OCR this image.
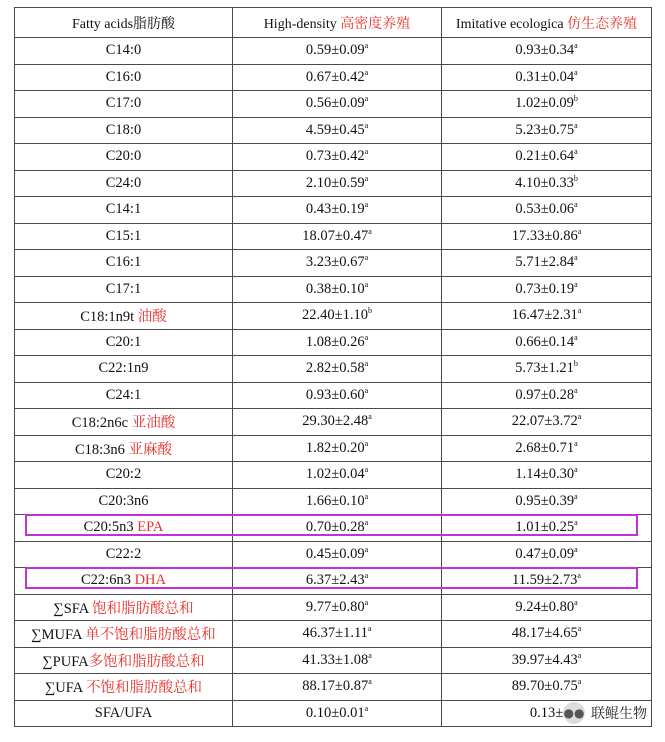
Fatty acids脂肪酸	High-density 高密度养殖	Imitative ecologica 仿生态养殖
C14:0	0.59±0.09$^a$	0.93±0.34$^a$
C16:0	0.67±0.42$^a$	0.31±0.04$^a$
C17:0	0.56±0.09$^a$	1.02±0.09$^b$
C18:0	4.59±0.45$^a$	5.23±0.75$^a$
C20:0	0.73±0.42$^a$	0.21±0.64$^a$
C24:0	2.10±0.59$^a$	4.10±0.33$^b$
C14:1	0.43±0.19$^a$	0.53±0.06$^a$
C15:1	18.07±0.47$^a$	17.33±0.86$^a$
C16:1	3.23±0.67$^a$	5.71±2.84$^a$
C17:1	0.38±0.10$^a$	0.73±0.19$^a$
C18:1n9t 油酸	22.40±1.10$^b$	16.47±2.31$^a$
C20:1	1.08±0.26$^a$	0.66±0.14$^a$
C22:1n9	2.82±0.58$^a$	5.73±1.21$^b$
C24:1	0.93±0.60$^a$	0.97±0.28$^a$
C18:2n6c 亚油酸	29.30±2.48$^a$	22.07±3.72$^a$
C18:3n6 亚麻酸	1.82±0.20$^a$	2.68±0.71$^a$
C20:2	1.02±0.04$^a$	1.14±0.30$^a$
C20:3n6	1.66±0.10$^a$	0.95±0.39$^a$
C20:5n3 EPA	0.70±0.28$^a$	1.01±0.25$^a$
C22:2	0.45±0.09$^a$	0.47±0.09$^a$
C22:6n3 DHA	6.37±2.43$^a$	11.59±2.73$^a$
∑SFA 饱和脂肪酸总和	9.77±0.80$^a$	9.24±0.80$^a$
∑MUFA 单不饱和脂肪酸总和	46.37±1.11$^a$	48.17±4.65$^a$
∑PUFA多饱和脂肪酸总和	41.33±1.08$^a$	39.97±4.43$^a$
∑UFA 不饱和脂肪酸总和	88.17±0.87$^a$	89.70±0.75$^a$
SFA/UFA	0.10±0.01$^a$	0.13± ●● 联鲲生物
